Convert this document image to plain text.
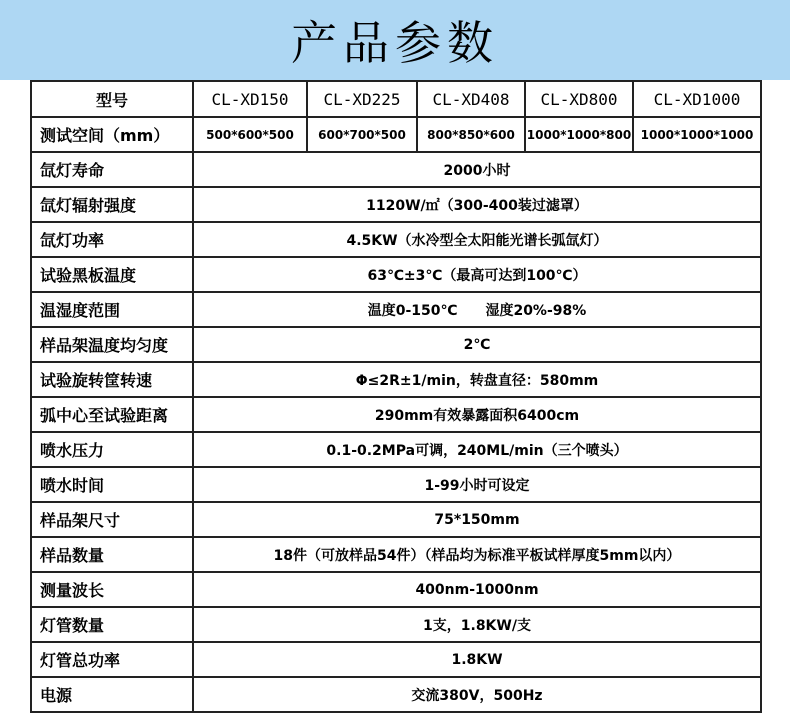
产品参数
型号	CL-XD150	CL-XD225	CL-XD408	CL-XD800	CL-XD1000
测试空间（mm）	500*600*500	600*700*500	800*850*600	1000*1000*800	1000*1000*1000
氙灯寿命	2000小时				
氙灯辐射强度	1120W/㎡（300-400装过滤罩）				
氙灯功率	4.5KW（水冷型全太阳能光谱长弧氙灯）				
试验黑板温度	63℃±3℃（最高可达到100℃）				
温湿度范围	温度0-150℃　　湿度20%-98%				
样品架温度均匀度	2℃				
试验旋转筐转速	Φ≤2R±1/min，转盘直径：580mm				
弧中心至试验距离	290mm有效暴露面积6400cm				
喷水压力	0.1-0.2MPa可调，240ML/min（三个喷头）				
喷水时间	1-99小时可设定				
样品架尺寸	75*150mm				
样品数量	18件（可放样品54件）（样品均为标准平板试样厚度5mm以内）				
测量波长	400nm-1000nm				
灯管数量	1支，1.8KW/支				
灯管总功率	1.8KW				
电源	交流380V，500Hz				
